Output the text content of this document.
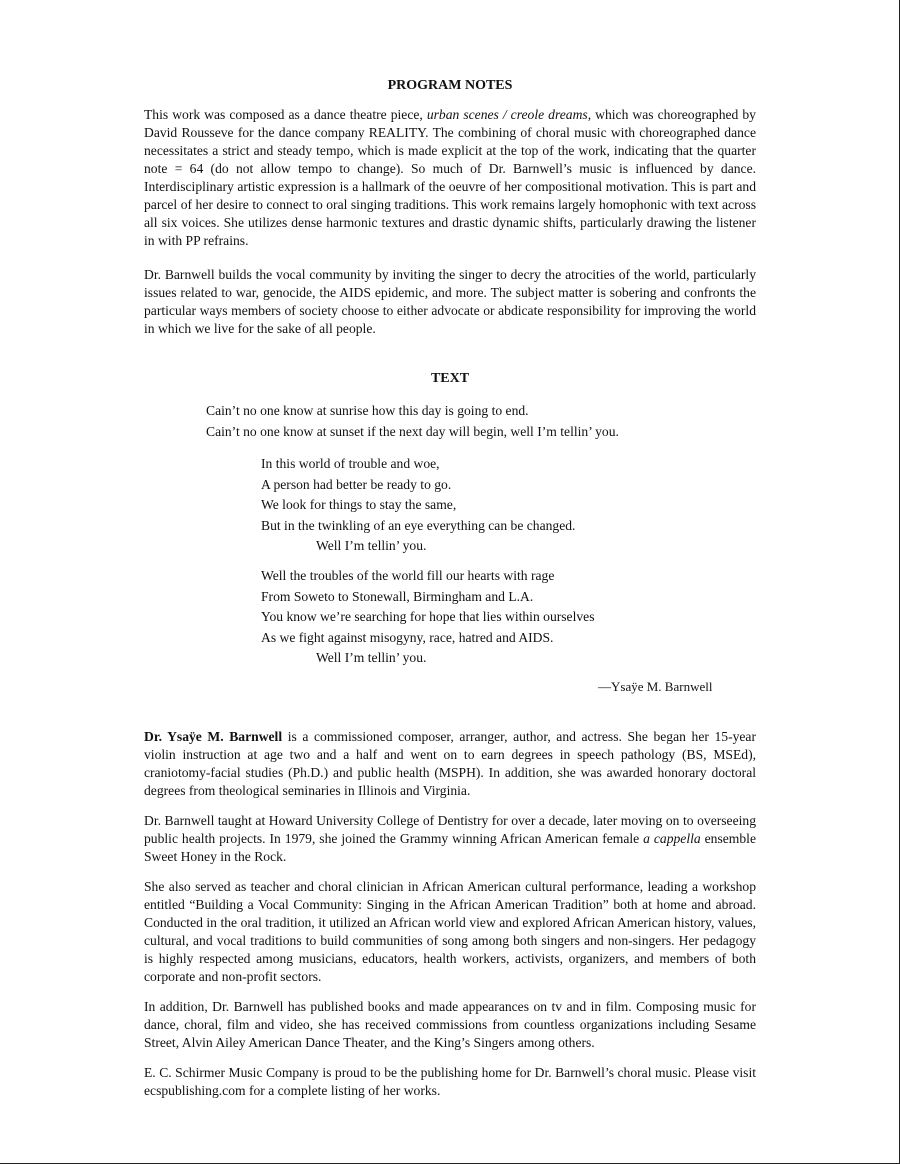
PROGRAM NOTES

This work was composed as a dance theatre piece, urban scenes / creole dreams, which was choreographed by David Rousseve for the dance company REALITY. The combining of choral music with choreographed dance necessitates a strict and steady tempo, which is made explicit at the top of the work, indicating that the quarter note = 64 (do not allow tempo to change). So much of Dr. Barnwell’s music is influenced by dance. Interdisciplinary artistic expression is a hallmark of the oeuvre of her compositional motivation. This is part and parcel of her desire to connect to oral singing traditions. This work remains largely homophonic with text across all six voices. She utilizes dense harmonic textures and drastic dynamic shifts, particularly drawing the listener in with PP refrains.

Dr. Barnwell builds the vocal community by inviting the singer to decry the atrocities of the world, particularly issues related to war, genocide, the AIDS epidemic, and more. The subject matter is sobering and confronts the particular ways members of society choose to either advocate or abdicate responsibility for improving the world in which we live for the sake of all people.

TEXT
Cain’t no one know at sunrise how this day is going to end.
Cain’t no one know at sunset if the next day will begin, well I’m tellin’ you.
In this world of trouble and woe,
A person had better be ready to go.
We look for things to stay the same,
But in the twinkling of an eye everything can be changed.
Well I’m tellin’ you.
Well the troubles of the world fill our hearts with rage
From Soweto to Stonewall, Birmingham and L.A.
You know we’re searching for hope that lies within ourselves
As we fight against misogyny, race, hatred and AIDS.
Well I’m tellin’ you.

—Ysaÿe M. Barnwell

Dr. Ysaÿe M. Barnwell is a commissioned composer, arranger, author, and actress. She began her 15-year violin instruction at age two and a half and went on to earn degrees in speech pathology (BS, MSEd), craniotomy-facial studies (Ph.D.) and public health (MSPH). In addition, she was awarded honorary doctoral degrees from theological seminaries in Illinois and Virginia.

Dr. Barnwell taught at Howard University College of Dentistry for over a decade, later moving on to overseeing public health projects. In 1979, she joined the Grammy winning African American female a cappella ensemble Sweet Honey in the Rock.

She also served as teacher and choral clinician in African American cultural performance, leading a workshop entitled “Building a Vocal Community: Singing in the African American Tradition” both at home and abroad. Conducted in the oral tradition, it utilized an African world view and explored African American history, values, cultural, and vocal traditions to build communities of song among both singers and non-singers. Her pedagogy is highly respected among musicians, educators, health workers, activists, organizers, and members of both corporate and non-profit sectors.

In addition, Dr. Barnwell has published books and made appearances on tv and in film. Composing music for dance, choral, film and video, she has received commissions from countless organizations including Sesame Street, Alvin Ailey American Dance Theater, and the King’s Singers among others.

E. C. Schirmer Music Company is proud to be the publishing home for Dr. Barnwell’s choral music. Please visit ecspublishing.com for a complete listing of her works.
